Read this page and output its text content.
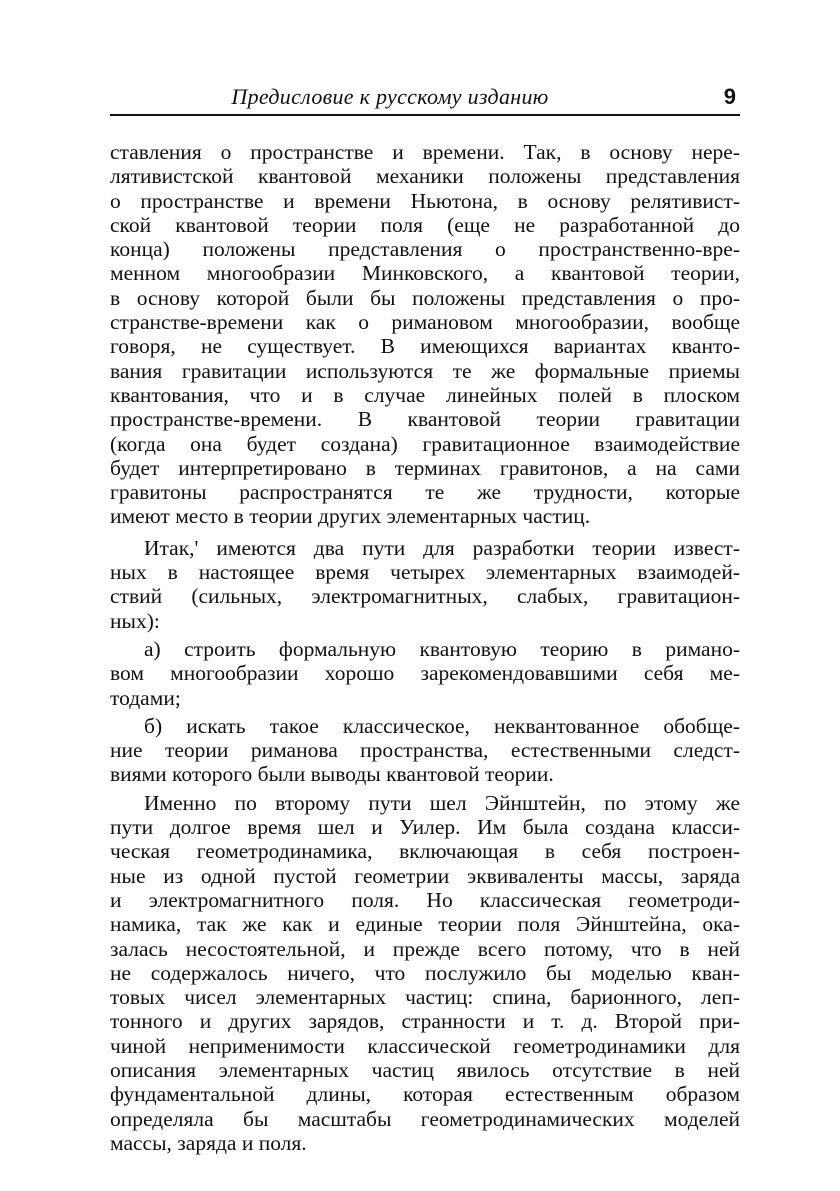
Предисловие к русскому изданию	9

ставления о пространстве и времени. Так, в основу нере-
лятивистской квантовой механики положены представления
о пространстве и времени Ньютона, в основу релятивист-
ской квантовой теории поля (еще не разработанной до
конца) положены представления о пространственно-вре-
менном многообразии Минковского, а квантовой теории,
в основу которой были бы положены представления о про-
странстве-времени как о римановом многообразии, вообще
говоря, не существует. В имеющихся вариантах кванто-
вания гравитации используются те же формальные приемы
квантования, что и в случае линейных полей в плоском
пространстве-времени. В квантовой теории гравитации
(когда она будет создана) гравитационное взаимодействие
будет интерпретировано в терминах гравитонов, а на сами
гравитоны распространятся те же трудности, которые
имеют место в теории других элементарных частиц.

Итак,' имеются два пути для разработки теории извест-
ных в настоящее время четырех элементарных взаимодей-
ствий (сильных, электромагнитных, слабых, гравитацион-
ных):

а) строить формальную квантовую теорию в римано-
вом многообразии хорошо зарекомендовавшими себя ме-
тодами;

б) искать такое классическое, неквантованное обобще-
ние теории риманова пространства, естественными следст-
виями которого были выводы квантовой теории.

Именно по второму пути шел Эйнштейн, по этому же
пути долгое время шел и Уилер. Им была создана класси-
ческая геометродинамика, включающая в себя построен-
ные из одной пустой геометрии эквиваленты массы, заряда
и электромагнитного поля. Но классическая геометроди-
намика, так же как и единые теории поля Эйнштейна, ока-
залась несостоятельной, и прежде всего потому, что в ней
не содержалось ничего, что послужило бы моделью кван-
товых чисел элементарных частиц: спина, барионного, леп-
тонного и других зарядов, странности и т. д. Второй при-
чиной неприменимости классической геометродинамики для
описания элементарных частиц явилось отсутствие в ней
фундаментальной длины, которая естественным образом
определяла бы масштабы геометродинамических моделей
массы, заряда и поля.
